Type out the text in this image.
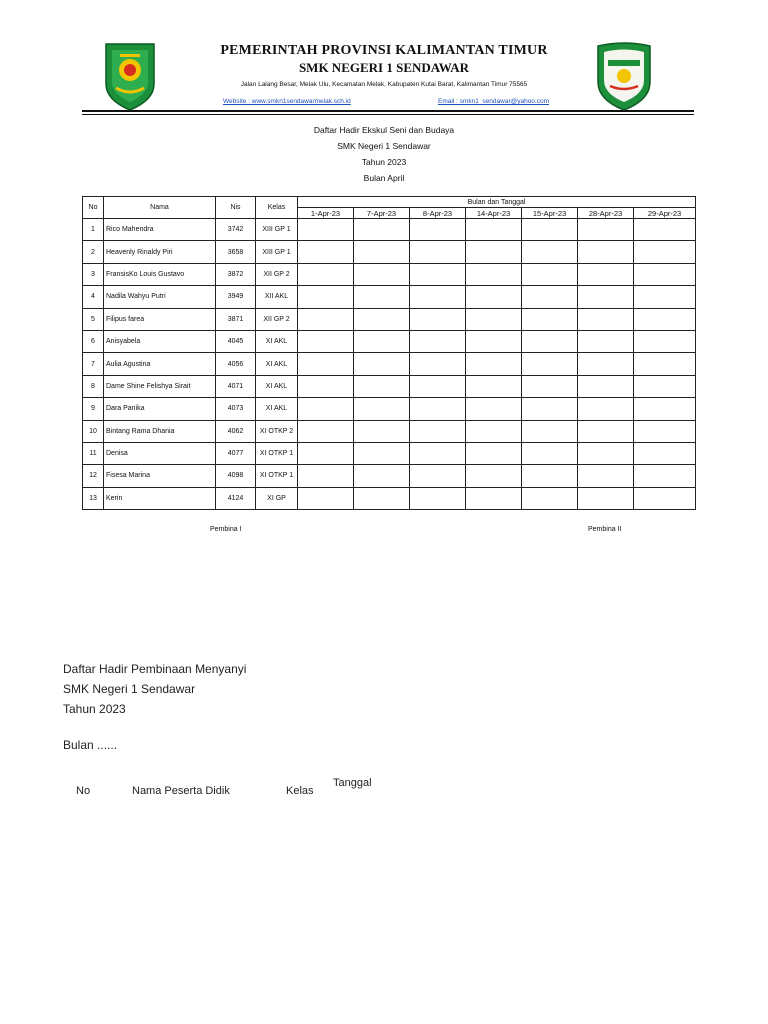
PEMERINTAH PROVINSI KALIMANTAN TIMUR
SMK NEGERI 1 SENDAWAR
Jalan Lalang Besar, Melak Ulu, Kecamatan Melak, Kabupaten Kutai Barat, Kalimantan Timur 75565
Website : www.smkn1sendawarmelak.sch.id	Email : smkn1_sendawar@yahoo.com
Daftar Hadir Ekskul Seni dan Budaya
SMK Negeri 1 Sendawar
Tahun 2023
Bulan April
No	Nama	Nis	Kelas	Bulan dan Tanggal						
				1-Apr-23	7-Apr-23	8-Apr-23	14-Apr-23	15-Apr-23	28-Apr-23	29-Apr-23
1	Rico Mahendra	3742	XIII GP 1							
2	Heavenly Rinaldy Piri	3658	XIII GP 1							
3	FransisKo Louis Gustavo	3872	XII GP 2							
4	Nadila Wahyu Putri	3949	XII AKL							
5	Filipus farea	3871	XII GP 2							
6	Anisyabela	4045	XI AKL							
7	Aulia Agustina	4056	XI AKL							
8	Dame Shine Felishya Sirait	4071	XI AKL							
9	Dara Panika	4073	XI AKL							
10	Bintang Rama Dhania	4062	XI OTKP 2							
11	Denisa	4077	XI OTKP 1							
12	Fisesa Marina	4098	XI OTKP 1							
13	Kerin	4124	XI GP							
Pembina I	Pembina II
Daftar Hadir Pembinaan Menyanyi
SMK Negeri 1 Sendawar
Tahun 2023
Bulan ......
No	Nama Peserta Didik	Kelas
Tanggal
